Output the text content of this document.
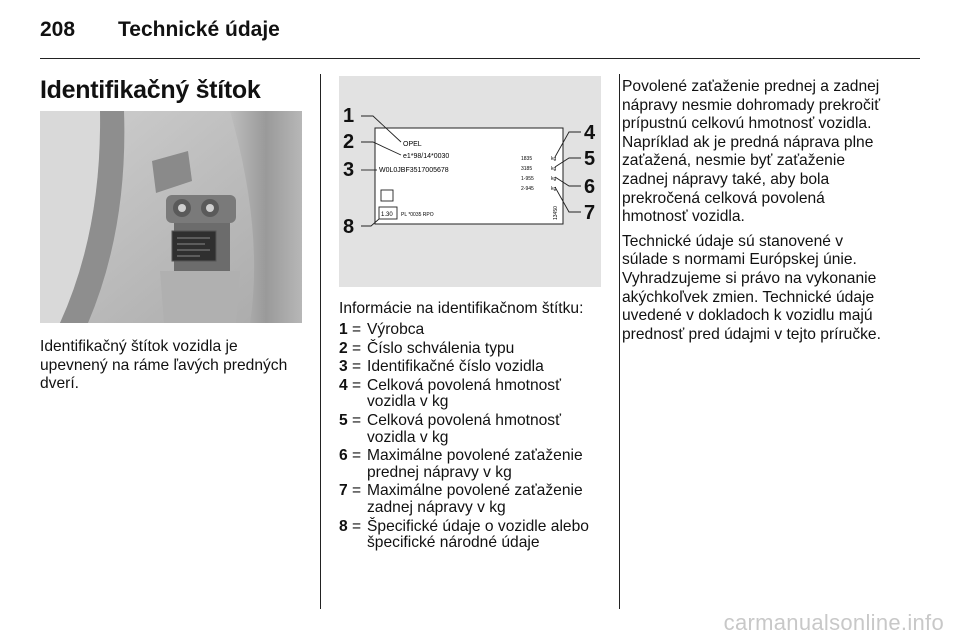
208 Technické údaje
Identifikačný štítok
Identifikačný štítok vozidla je
upevnený na ráme ľavých predných
dverí.
OPEL
e1*98/14*0030
W0L0JBF3517005678
1835
3185
1-955
2-945
kg
kg
kg
kg
1.30 PL *0035 RPO	13450
1
2
3
8
4
5
6
7
Informácie na identifikačnom štítku:
1 = Výrobca
2 = Číslo schválenia typu
3 = Identifikačné číslo vozidla
4 = Celková povolená hmotnosť
vozidla v kg
5 = Celková povolená hmotnosť
vozidla v kg
6 = Maximálne povolené zaťaženie
prednej nápravy v kg
7 = Maximálne povolené zaťaženie
zadnej nápravy v kg
8 = Špecifické údaje o vozidle alebo
špecifické národné údaje

Povolené zaťaženie prednej a zadnej
nápravy nesmie dohromady prekročiť
prípustnú celkovú hmotnosť vozidla.
Napríklad ak je predná náprava plne
zaťažená, nesmie byť zaťaženie
zadnej nápravy také, aby bola
prekročená celková povolená
hmotnosť vozidla.

Technické údaje sú stanovené v
súlade s normami Európskej únie.
Vyhradzujeme si právo na vykonanie
akýchkoľvek zmien. Technické údaje
uvedené v dokladoch k vozidlu majú
prednosť pred údajmi v tejto príručke.

carmanualsonline.info
